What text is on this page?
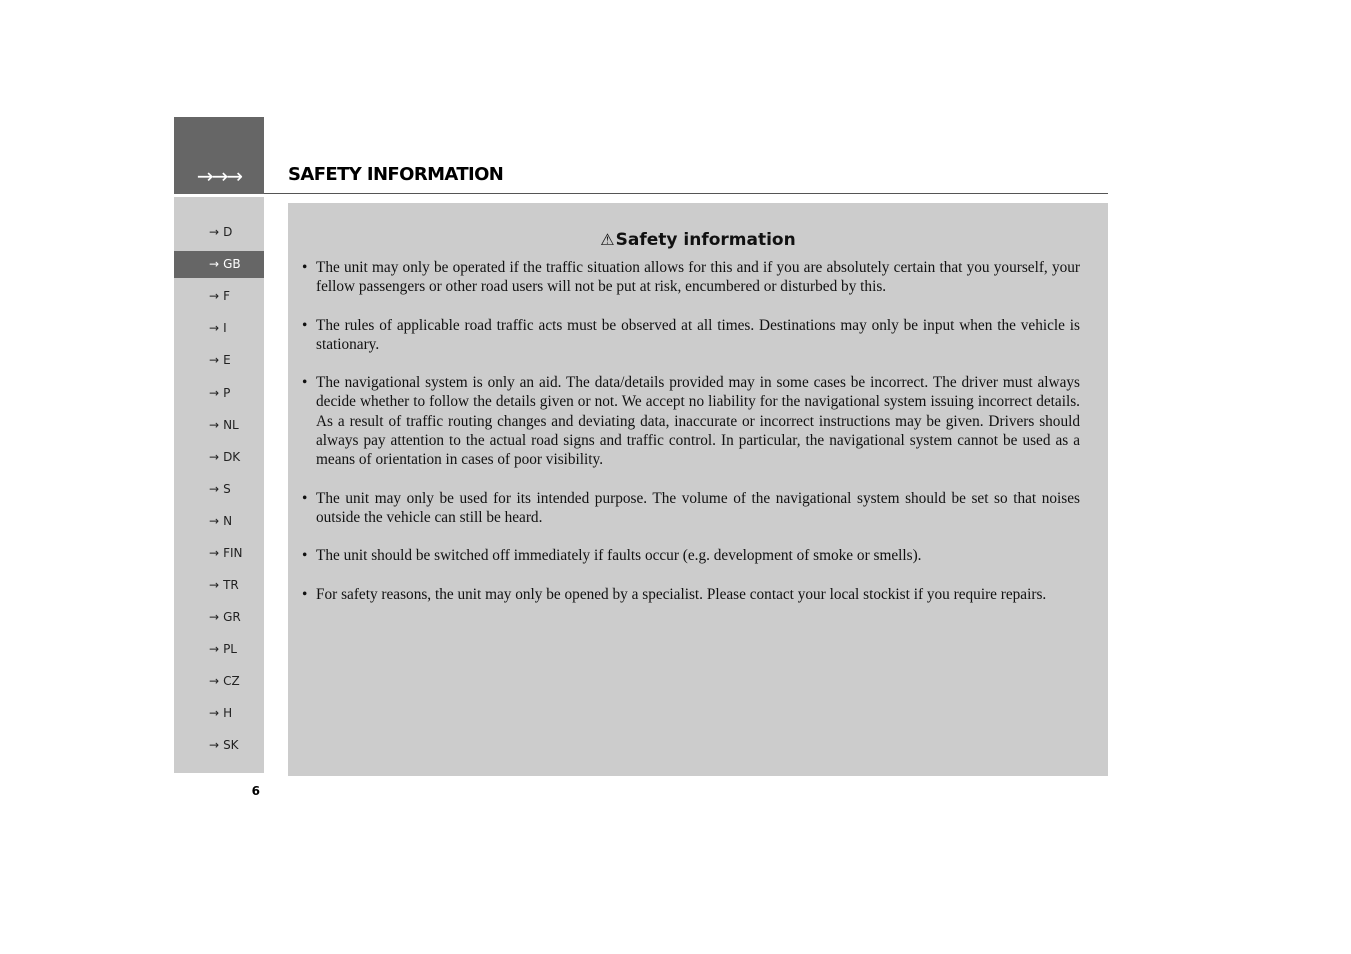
→→→	SAFETY INFORMATION
→ D
→ GB
→ F
→ I
→ E
→ P
→ NL
→ DK
→ S
→ N
→ FIN
→ TR
→ GR
→ PL
→ CZ
→ H
→ SK
6
⚠Safety information
• The unit may only be operated if the traffic situation allows for this and if you are absolutely certain that you yourself, your fellow passengers or other road users will not be put at risk, encumbered or disturbed by this.
• The rules of applicable road traffic acts must be observed at all times. Destinations may only be input when the vehicle is stationary.
• The navigational system is only an aid. The data/details provided may in some cases be incorrect. The driver must always decide whether to follow the details given or not. We accept no liability for the navigational system issuing incorrect details. As a result of traffic routing changes and deviating data, inaccurate or incorrect instructions may be given. Drivers should always pay attention to the actual road signs and traffic control. In particular, the navigational system cannot be used as a means of orientation in cases of poor visibility.
• The unit may only be used for its intended purpose. The volume of the navigational system should be set so that noises outside the vehicle can still be heard.
• The unit should be switched off immediately if faults occur (e.g. development of smoke or smells).
• For safety reasons, the unit may only be opened by a specialist. Please contact your local stockist if you require repairs.
